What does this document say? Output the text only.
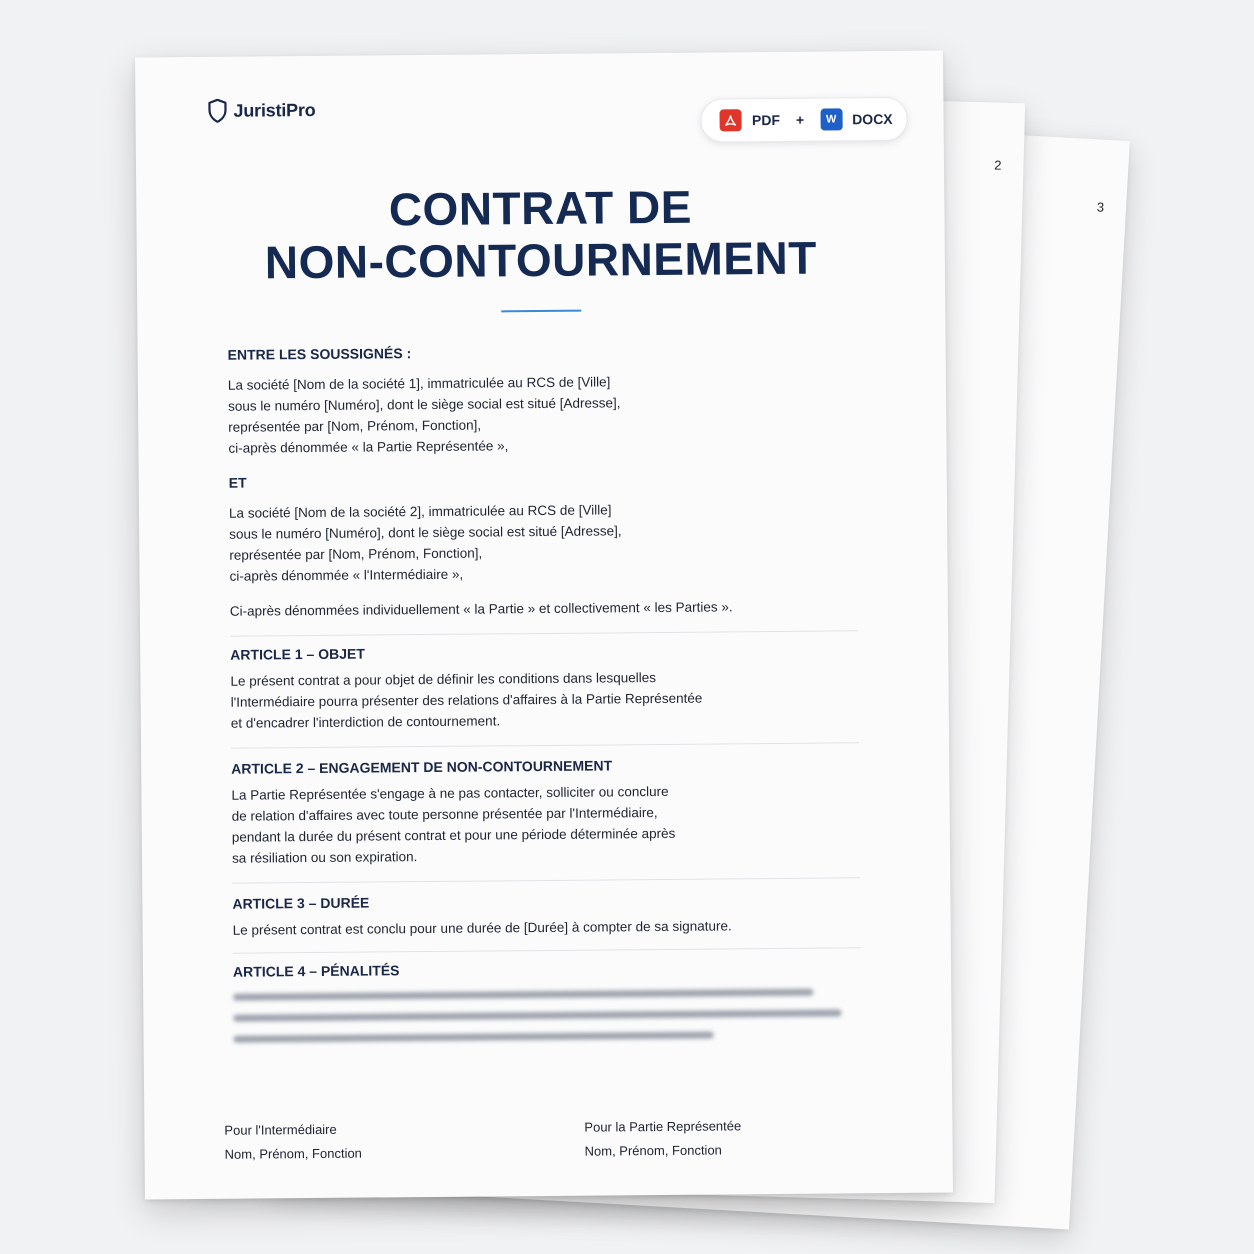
3
2
JuristiPro	PDF +	W	DOCX
CONTRAT DE
NON-CONTOURNEMENT

ENTRE LES SOUSSIGNÉS :

La société [Nom de la société 1], immatriculée au RCS de [Ville]

sous le numéro [Numéro], dont le siège social est situé [Adresse],

représentée par [Nom, Prénom, Fonction],

ci-après dénommée « la Partie Représentée »,

ET

La société [Nom de la société 2], immatriculée au RCS de [Ville]

sous le numéro [Numéro], dont le siège social est situé [Adresse],

représentée par [Nom, Prénom, Fonction],

ci-après dénommée « l'Intermédiaire »,

Ci-après dénommées individuellement « la Partie » et collectivement « les Parties ».

ARTICLE 1 – OBJET

Le présent contrat a pour objet de définir les conditions dans lesquelles

l'Intermédiaire pourra présenter des relations d'affaires à la Partie Représentée

et d'encadrer l'interdiction de contournement.

ARTICLE 2 – ENGAGEMENT DE NON-CONTOURNEMENT

La Partie Représentée s'engage à ne pas contacter, solliciter ou conclure

de relation d'affaires avec toute personne présentée par l'Intermédiaire,

pendant la durée du présent contrat et pour une période déterminée après

sa résiliation ou son expiration.

ARTICLE 3 – DURÉE

Le présent contrat est conclu pour une durée de [Durée] à compter de sa signature.

ARTICLE 4 – PÉNALITÉS

Pour l'Intermédiaire
Nom, Prénom, Fonction
Pour la Partie Représentée
Nom, Prénom, Fonction
